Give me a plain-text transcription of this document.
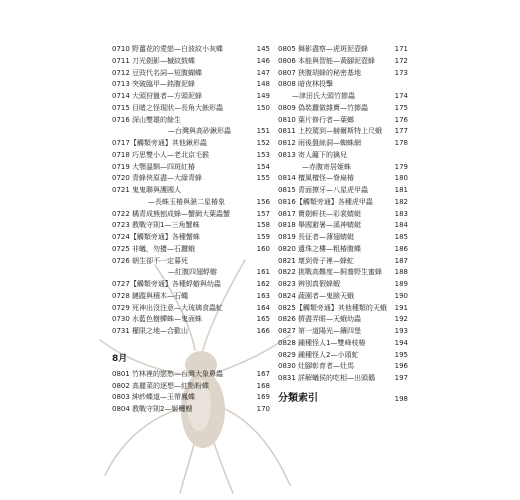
0710 野薑花的愛戀—白波紋小灰蝶	145
0711 刀光劍影—槭紋鼓蝶	146
0712 豆豉代名詞—短腹蝴蝶	147
0713 突破臨甲—銘腹泥蜂	148
0714 大頭狩獵者—方頭泥蜂	149
0715 目睹之怪現狀—長角大蝕形蟲	150
0716 深山雙雄的餘生
—台灣與高砂鍬形蟲	151
0717【觸類旁通】其他鍬形蟲	152
0718 巧思雙小人—老北京毛猴	153
0719 大顎溫馴—四斑紅椿	154
0720 青蜂俠原盡—大綠青蜂	155
0721 鬼鬼聯與護國人
—長蛛玉椿與濕二星椿象	156
0722 橘青成熊刨成蜂—蟹網大葉蟲蟹	157
0723 教戰守則1—三角蟹蛛	158
0724【觸類旁通】各種蟹蛛	159
0725 非蟻，勿擾—石蠶蛾	160
0726 朝生卻不一定暮死
—紅腹四翅蜉蝣	161
0727【觸類旁通】各種蜉蝣與幼蟲	162
0728 鏈蹤與積木—石蠅	163
0729 死神出沒注意—大琉璃食蟲虻	164
0730 水藍色樹蟬蛛—鬼面蛛	165
0731 權限之地—合歡山	166
8月
0801 竹林裡的戀愁—台灣大象鼻蟲	167
0802 高麗菜的逐想—紅點粉蝶	168
0803 紳紗蝶道—玉帶鳳蝶	169
0804 教戰守則2—姬蠼螋	170
0805 舞影盡察—虎斑泥壺蜂	171
0806 本能與智能—黃腳泥壺蜂	172
0807 狹腹胡蜂的秘密基地	173
0808 暗夜林投擊
—津田氏大頭竹節蟲	174
0809 偽裝蠶做雜寶—竹節蟲	175
0810 葉片修行者—葉螂	176
0811 上校駕到—赫爾斯特上尺蛾 177
0812 雨後盤絲洞—蜘蛛網	178
0813 寄人籬下的擒兒
—赤腹寄居姬蛛	179
0814 檀風檀怪—脊扁椿	180
0815 青面撩牙—八星虎甲蟲	181
0816【觸類旁通】各種虎甲蟲	182
0817 寶劍軒扶—彩裳蜻蜓	183
0818 舉國避暑—溪神蜻蜓	184
0819 長征者—薄翅蜻蜓	185
0820 遺珠之樓—粗椿腹蝶	186
0821 壞到骨子裡—蜂虻	187
0822 挑戰高難度—飼養野生蜜蜂 188
0823 辨別真假蜂蝦	189
0824 蔬園者—鬼臉天蛾	190
0825【觸類旁通】其他種類的天蛾 191
0826 擠盡弄眼—天蛾幼蟲	192
0827 第一道陽光—鑲四堡	193
0828 鍾種怪人1—雙峰枝椿	194
0829 鍾種怪人2—小頭虻	195
0830 灶腳彰育者—灶馬	196
0831 詳解蟻侯的吃相—出頭鵝	197
分類索引	198
